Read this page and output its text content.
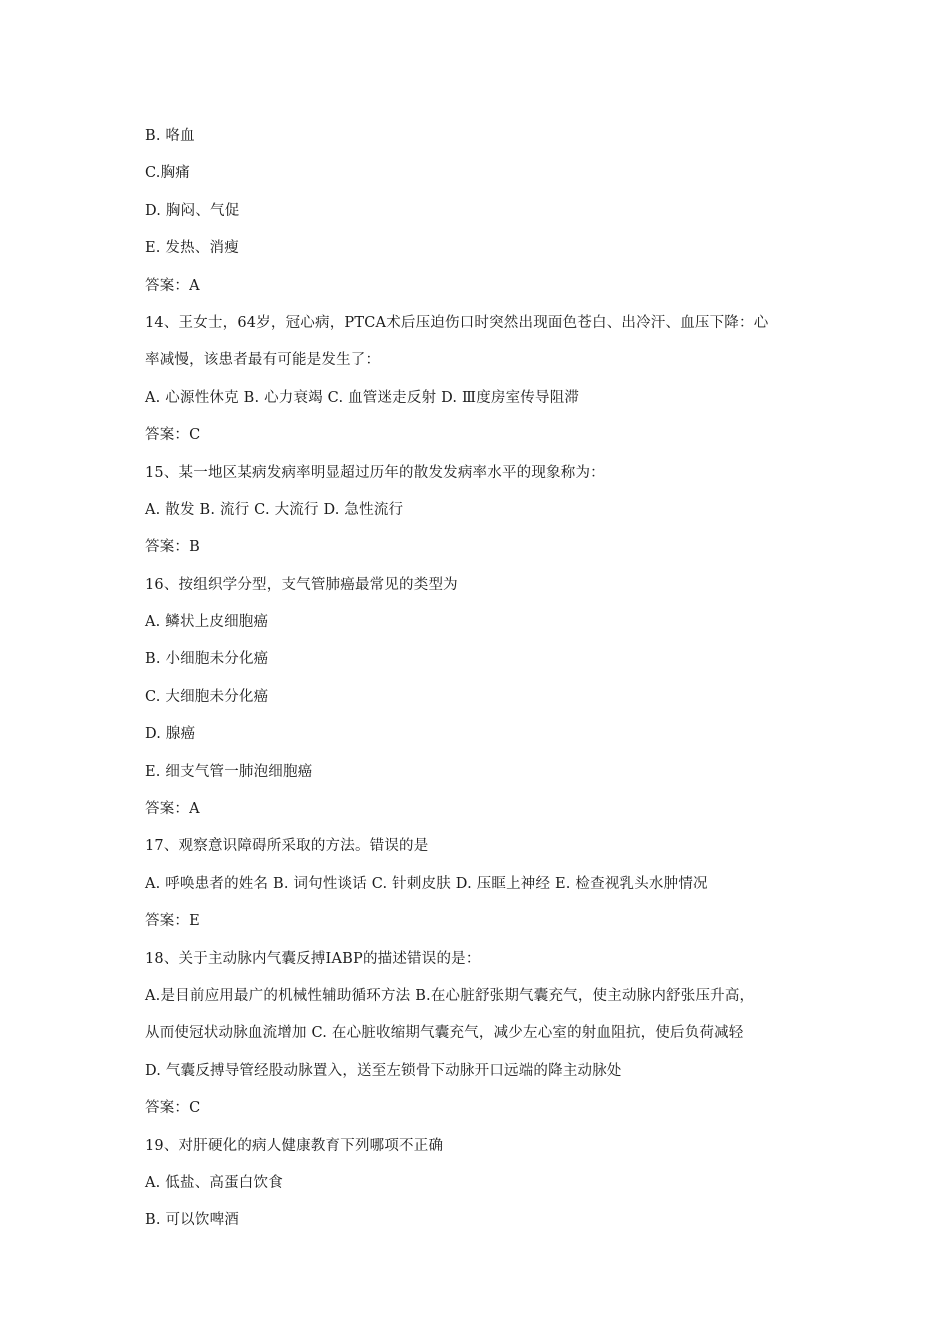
B. 咯血
C.胸痛
D. 胸闷、气促
E. 发热、消瘦
答案：A
14、王女士，64岁，冠心病，PTCA术后压迫伤口时突然出现面色苍白、出冷汗、血压下降：心
率减慢，该患者最有可能是发生了：
A. 心源性休克 B. 心力衰竭 C. 血管迷走反射 D. Ⅲ度房室传导阻滞
答案：C
15、某一地区某病发病率明显超过历年的散发发病率水平的现象称为：
A. 散发 B. 流行 C. 大流行 D. 急性流行
答案：B
16、按组织学分型，支气管肺癌最常见的类型为
A. 鳞状上皮细胞癌
B. 小细胞未分化癌
C. 大细胞未分化癌
D. 腺癌
E. 细支气管一肺泡细胞癌
答案：A
17、观察意识障碍所采取的方法。错误的是
A. 呼唤患者的姓名 B. 词句性谈话 C. 针刺皮肤 D. 压眶上神经 E. 检查视乳头水肿情况
答案：E
18、关于主动脉内气囊反搏IABP的描述错误的是：
A.是目前应用最广的机械性辅助循环方法 B.在心脏舒张期气囊充气，使主动脉内舒张压升高，
从而使冠状动脉血流增加 C. 在心脏收缩期气囊充气，减少左心室的射血阻抗，使后负荷减轻
D. 气囊反搏导管经股动脉置入，送至左锁骨下动脉开口远端的降主动脉处
答案：C
19、对肝硬化的病人健康教育下列哪项不正确
A. 低盐、高蛋白饮食
B. 可以饮啤酒
